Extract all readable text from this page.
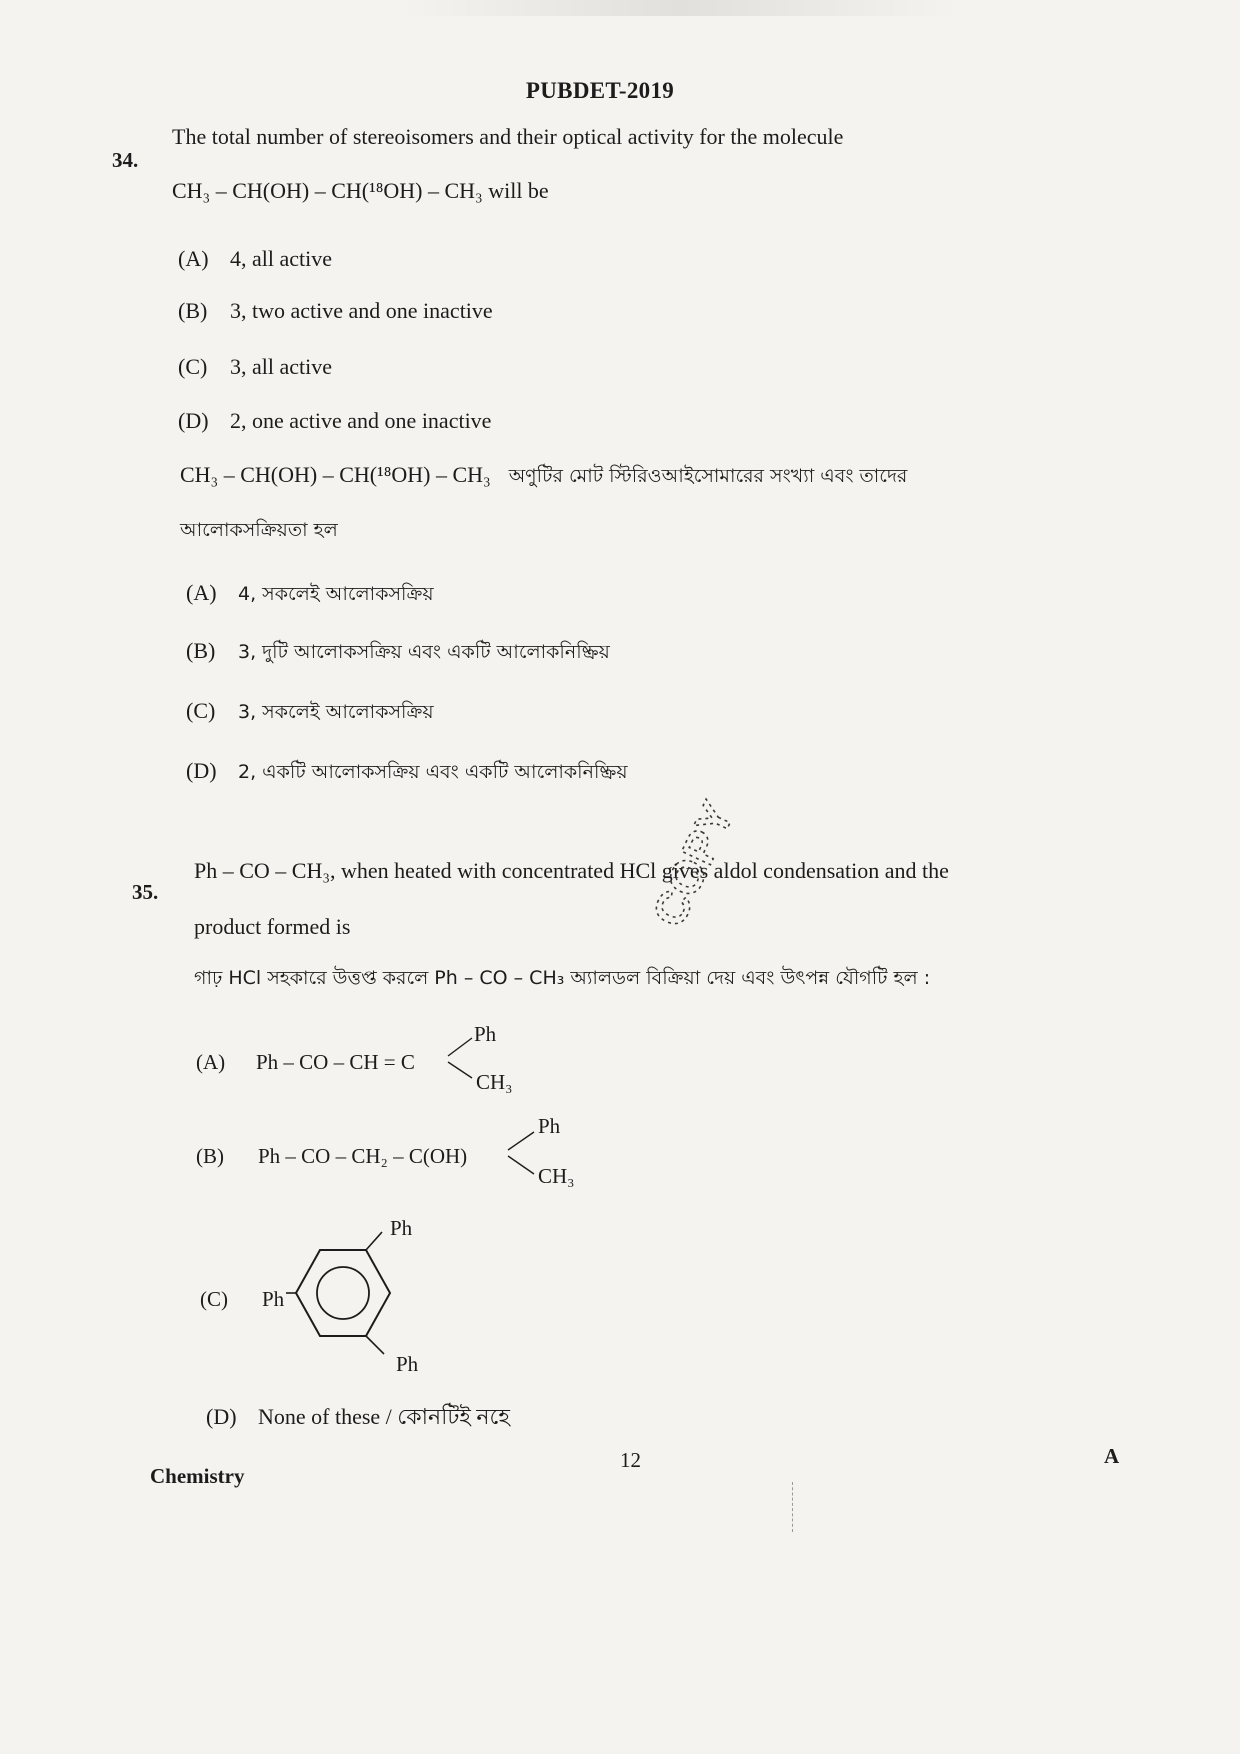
PUBDET-2019
34.
The total number of stereoisomers and their optical activity for the molecule
CH₃ – CH(OH) – CH(¹⁸OH) – CH₃ will be
(A) 4, all active
(B) 3, two active and one inactive
(C) 3, all active
(D) 2, one active and one inactive
CH₃ – CH(OH) – CH(¹⁸OH) – CH₃ অণুটির মোট স্টিরিওআইসোমারের সংখ্যা এবং তাদের
আলোকসক্রিয়তা হল
(A) 4, সকলেই আলোকসক্রিয়
(B) 3, দুটি আলোকসক্রিয় এবং একটি আলোকনিষ্ক্রিয়
(C) 3, সকলেই আলোকসক্রিয়
(D) 2, একটি আলোকসক্রিয় এবং একটি আলোকনিষ্ক্রিয়
35.
Ph – CO – CH₃, when heated with concentrated HCl gives aldol condensation and the
product formed is
গাঢ় HCl সহকারে উত্তপ্ত করলে Ph – CO – CH₃ অ্যালডল বিক্রিয়া দেয় এবং উৎপন্ন যৌগটি হল :
(A) Ph – CO – CH = C
Ph
CH₃
(B) Ph – CO – CH₂ – C(OH)
Ph
CH₃
(C) Ph
Ph
Ph
(D) None of these / কোনটিই নহে
COPY
Chemistry
12	A
